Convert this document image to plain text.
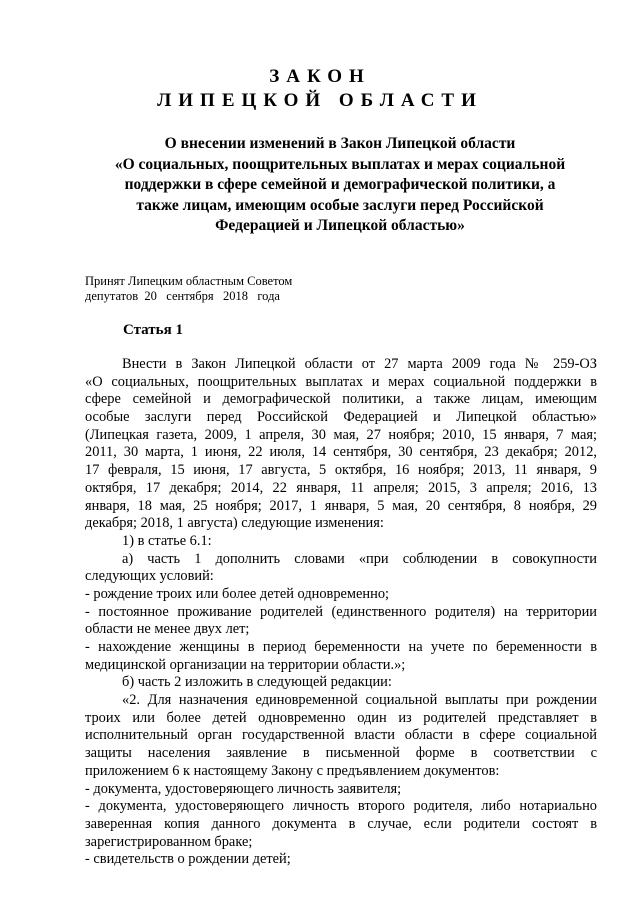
ЗАКОН
ЛИПЕЦКОЙ ОБЛАСТИ
О внесении изменений в Закон Липецкой области
«О социальных, поощрительных выплатах и мерах социальной
поддержки в сфере семейной и демографической политики, а
также лицам, имеющим особые заслуги перед Российской
Федерацией и Липецкой областью»
Принят Липецким областным Советом
депутатов  20   сентября   2018   года
Статья 1
Внести в Закон Липецкой области от 27 марта 2009 года № 259-ОЗ
«О социальных, поощрительных выплатах и мерах социальной поддержки в
сфере семейной и демографической политики, а также лицам, имеющим
особые заслуги перед Российской Федерацией и Липецкой областью»
(Липецкая газета, 2009, 1 апреля, 30 мая, 27 ноября; 2010, 15 января, 7 мая;
2011, 30 марта, 1 июня, 22 июля, 14 сентября, 30 сентября, 23 декабря; 2012,
17 февраля, 15 июня, 17 августа, 5 октября, 16 ноября; 2013, 11 января, 9
октября, 17 декабря; 2014, 22 января, 11 апреля; 2015, 3 апреля; 2016, 13
января, 18 мая, 25 ноября; 2017, 1 января, 5 мая, 20 сентября, 8 ноября, 29
декабря; 2018, 1 августа) следующие изменения:
1) в статье 6.1:
а) часть 1 дополнить словами «при соблюдении в совокупности
следующих условий:
- рождение троих или более детей одновременно;
- постоянное проживание родителей (единственного родителя) на территории
области не менее двух лет;
- нахождение женщины в период беременности на учете по беременности в
медицинской организации на территории области.»;
б) часть 2 изложить в следующей редакции:
«2. Для назначения единовременной социальной выплаты при рождении
троих или более детей одновременно один из родителей представляет в
исполнительный орган государственной власти области в сфере социальной
защиты населения заявление в письменной форме в соответствии с
приложением 6 к настоящему Закону с предъявлением документов:
- документа, удостоверяющего личность заявителя;
- документа, удостоверяющего личность второго родителя, либо нотариально
заверенная копия данного документа в случае, если родители состоят в
зарегистрированном браке;
- свидетельств о рождении детей;
